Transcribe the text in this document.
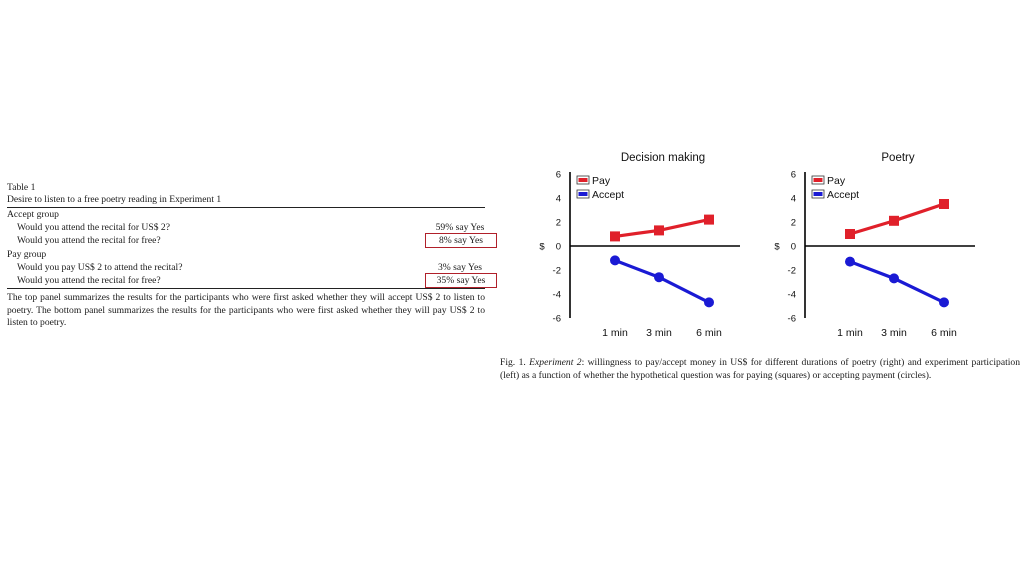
Table 1
Desire to listen to a free poetry reading in Experiment 1
Accept group
Would you attend the recital for US$ 2?	59% say Yes
Would you attend the recital for free?	8% say Yes
Pay group
Would you pay US$ 2 to attend the recital?	3% say Yes
Would you attend the recital for free?	35% say Yes
The top panel summarizes the results for the participants who were first asked whether they will accept US$ 2 to listen to poetry. The bottom panel summarizes the results for the participants who were first asked whether they will pay US$ 2 to listen to poetry.
Decision making
6
4
2
0
-2
-4
-6
$
1 min 3 min 6 min
Pay
Accept
Poetry
6
4
2
0
-2
-4
-6
$
1 min 3 min 6 min
Pay
Accept
Fig. 1. Experiment 2: willingness to pay/accept money in US$ for different durations of poetry (right) and experiment participation (left) as a function of whether the hypothetical question was for paying (squares) or accepting payment (circles).
